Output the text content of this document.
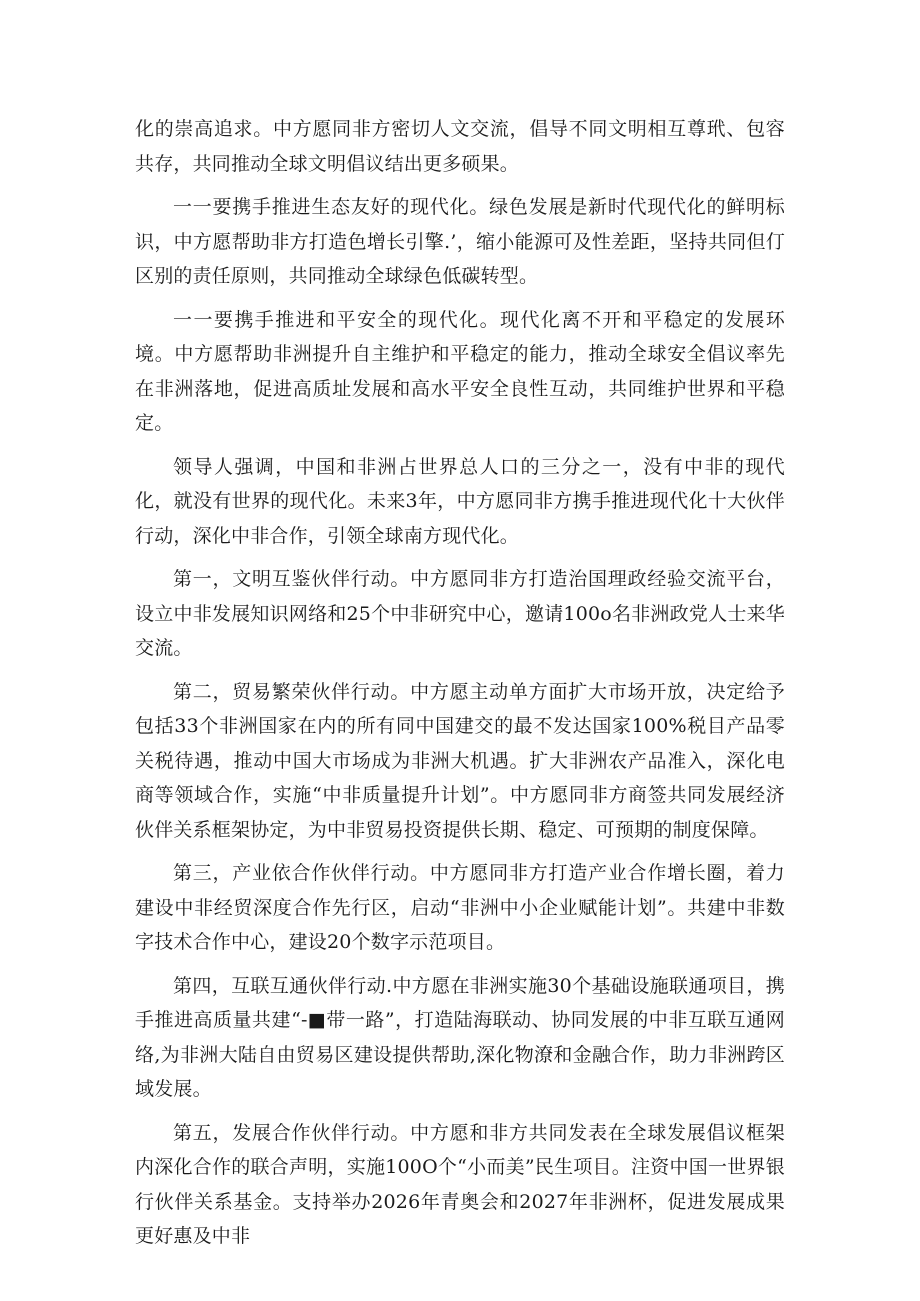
化的崇高追求。中方愿同非方密切人文交流，倡导不同文明相互尊玳、包容共存，共同推动全球文明倡议结出更多硕果。

一一要携手推进生态友好的现代化。绿色发展是新时代现代化的鲜明标识，中方愿帮助非方打造色增长引擎.’，缩小能源可及性差距，坚持共同但仃区别的责任原则，共同推动全球绿色低碳转型。

一一要携手推进和平安全的现代化。现代化离不开和平稳定的发展环境。中方愿帮助非洲提升自主维护和平稳定的能力，推动全球安全倡议率先在非洲落地，促进高质址发展和高水平安全良性互动，共同维护世界和平稳定。

领导人强调，中国和非洲占世界总人口的三分之一，没有中非的现代化，就没有世界的现代化。未来3年，中方愿同非方携手推进现代化十大伙伴行动，深化中非合作，引领全球南方现代化。

第一，文明互鉴伙伴行动。中方愿同非方打造治国理政经验交流平台，设立中非发展知识网络和25个中非研究中心，邀请100o名非洲政党人士来华交流。

第二，贸易繁荣伙伴行动。中方愿主动单方面扩大市场开放，决定给予包括33个非洲国家在内的所有同中国建交的最不发达国家100%税目产品零关税待遇，推动中国大市场成为非洲大机遇。扩大非洲农产品准入，深化电商等领域合作，实施“中非质量提升计划”。中方愿同非方商签共同发展经济伙伴关系框架协定，为中非贸易投资提供长期、稳定、可预期的制度保障。

第三，产业依合作伙伴行动。中方愿同非方打造产业合作增长圈，着力建设中非经贸深度合作先行区，启动“非洲中小企业赋能计划”。共建中非数字技术合作中心，建设20个数字示范项目。

第四，互联互通伙伴行动.中方愿在非洲实施30个基础设施联通项目，携手推进高质量共建“-■带一路”，打造陆海联动、协同发展的中非互联互通网络,为非洲大陆自由贸易区建设提供帮助,深化物潦和金融合作，助力非洲跨区域发展。

第五，发展合作伙伴行动。中方愿和非方共同发表在全球发展倡议框架内深化合作的联合声明，实施100O个“小而美”民生项目。注资中国一世界银行伙伴关系基金。支持举办2026年青奥会和2027年非洲杯，促进发展成果更好惠及中非
